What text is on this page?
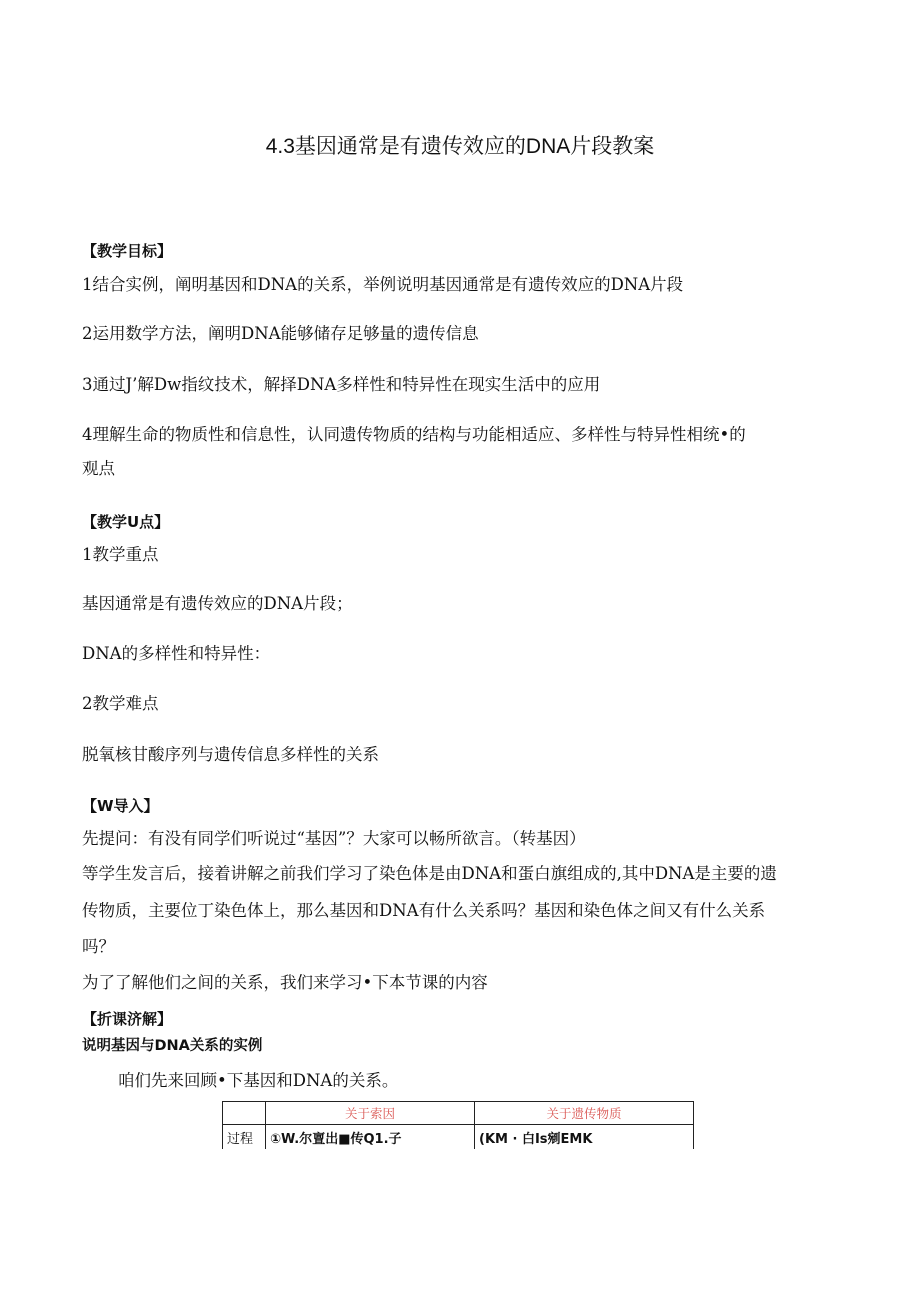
4.3基因通常是有遗传效应的DNA片段教案
【教学目标】
1结合实例，阐明基因和DNA的关系，举例说明基因通常是有遗传效应的DNA片段
2运用数学方法，阐明DNA能够储存足够量的遗传信息
3通过J’解Dw指纹技术，解择DNA多样性和特异性在现实生活中的应用
4理解生命的物质性和信息性，认同遗传物质的结构与功能相适应、多样性与特异性相统•的
观点
【教学U点】
1教学重点
基因通常是有遗传效应的DNA片段；
DNA的多样性和特异性：
2教学难点
脱氧核甘酸序列与遗传信息多样性的关系
【W导入】
先提问：有没有同学们听说过“基因”？大家可以畅所欲言。（转基因）
等学生发言后，接着讲解之前我们学习了染色体是由DNA和蛋白旗组成的,其中DNA是主要的遗
传物质，主要位丁染色体上，那么基因和DNA有什么关系吗？基因和染色体之间又有什么关系
吗？
为了了解他们之间的关系，我们来学习•下本节课的内容
【折课济解】
说明基因与DNA关系的实例
咱们先来回顾•下基因和DNA的关系。
	关于索因	关于遗传物质
过程	①W.尔亶岀■传Q1.子	(KM · 白Is剜EMK
